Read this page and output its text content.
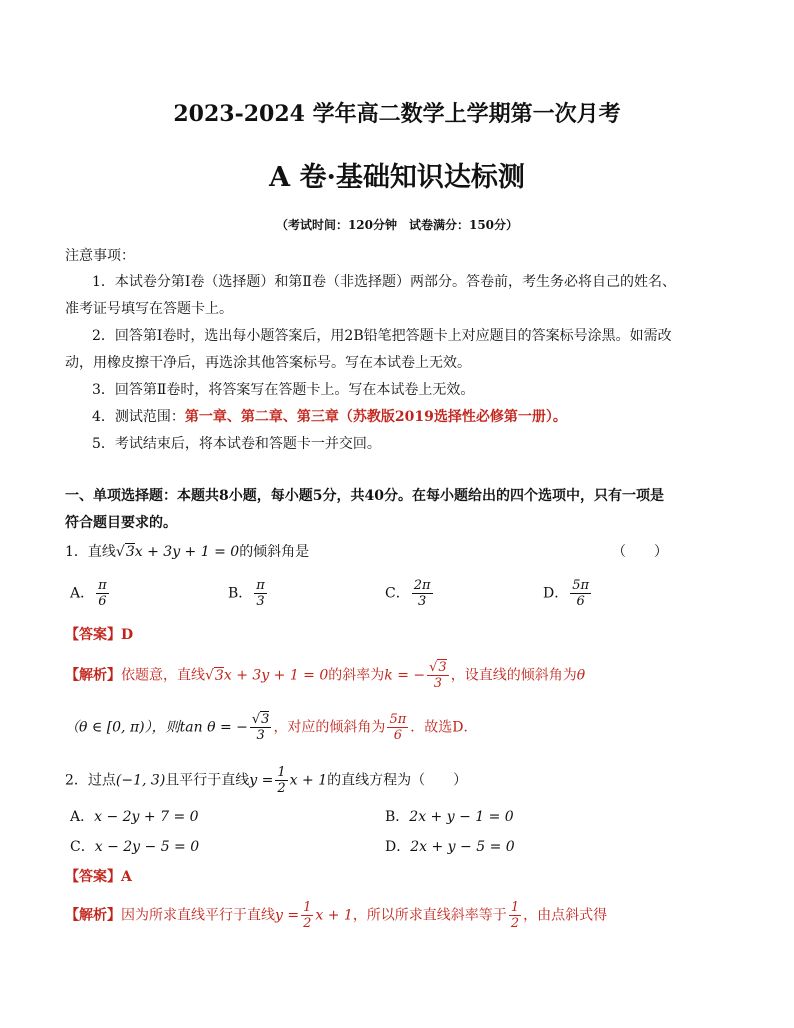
2023-2024 学年高二数学上学期第一次月考
A 卷·基础知识达标测
（考试时间：120分钟　试卷满分：150分）
注意事项：
1．本试卷分第Ⅰ卷（选择题）和第Ⅱ卷（非选择题）两部分。答卷前，考生务必将自己的姓名、
准考证号填写在答题卡上。
2．回答第Ⅰ卷时，选出每小题答案后，用2B铅笔把答题卡上对应题目的答案标号涂黑。如需改
动，用橡皮擦干净后，再选涂其他答案标号。写在本试卷上无效。
3．回答第Ⅱ卷时，将答案写在答题卡上。写在本试卷上无效。
4．测试范围：第一章、第二章、第三章（苏教版2019选择性必修第一册）。
5．考试结束后，将本试卷和答题卡一并交回。
一、单项选择题：本题共8小题，每小题5分，共40分。在每小题给出的四个选项中，只有一项是
符合题目要求的。
1．直线√3x + 3y + 1 = 0的倾斜角是	（　　）
A． $\frac{\pi}{6}$	B． $\frac{\pi}{3}$	C． $\frac{2\pi}{3}$	D． $\frac{5\pi}{6}$
【答案】D
【解析】依题意，直线√3x + 3y + 1 = 0的斜率为k = − $\frac{√3}{3}$ ，设直线的倾斜角为θ
（θ ∈ [0, π)），则tan θ = − $\frac{√3}{3}$ ，对应的倾斜角为 $\frac{5\pi}{6}$ ．故选D．
2．过点(−1, 3)且平行于直线$y = \frac{1}{2}$ x + 1的直线方程为（　　）
A．x − 2y + 7 = 0	B．2x + y − 1 = 0
C．x − 2y − 5 = 0	D．2x + y − 5 = 0
【答案】A
【解析】因为所求直线平行于直线$y = \frac{1}{2}$ x + 1，所以所求直线斜率等于 $\frac{1}{2}$ ，由点斜式得
